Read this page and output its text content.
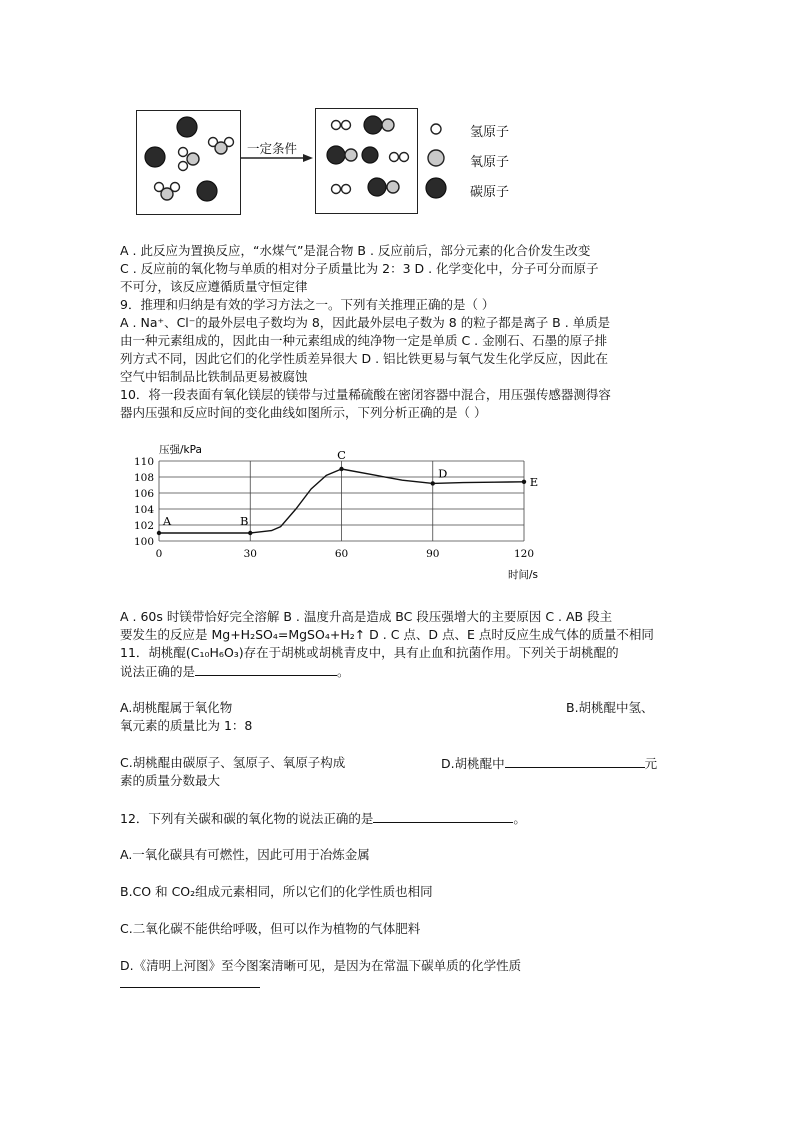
一定条件
氢原子
氧原子
碳原子
A . 此反应为置换反应，“水煤气”是混合物 B . 反应前后，部分元素的化合价发生改变
C . 反应前的氧化物与单质的相对分子质量比为 2：3 D . 化学变化中，分子可分而原子
不可分，该反应遵循质量守恒定律
9．推理和归纳是有效的学习方法之一。下列有关推理正确的是（ ）
A . Na⁺、Cl⁻的最外层电子数均为 8，因此最外层电子数为 8 的粒子都是离子 B . 单质是
由一种元素组成的，因此由一种元素组成的纯净物一定是单质 C . 金刚石、石墨的原子排
列方式不同，因此它们的化学性质差异很大 D . 铝比铁更易与氧气发生化学反应，因此在
空气中铝制品比铁制品更易被腐蚀
10．将一段表面有氧化镁层的镁带与过量稀硫酸在密闭容器中混合，用压强传感器测得容
器内压强和反应时间的变化曲线如图所示，下列分析正确的是（ ）
100
102
104
106
108
110
0	30	60	90	120
压强/kPa
时间/s
A	B
C
D
E
A . 60s 时镁带恰好完全溶解 B . 温度升高是造成 BC 段压强增大的主要原因 C . AB 段主
要发生的反应是 Mg+H₂SO₄=MgSO₄+H₂↑ D . C 点、D 点、E 点时反应生成气体的质量不相同
11．胡桃醌(C₁₀H₆O₃)存在于胡桃或胡桃青皮中，具有止血和抗菌作用。下列关于胡桃醌的
说法正确的是	。
A.胡桃醌属于氧化物	B.胡桃醌中氢、
氧元素的质量比为 1：8
C.胡桃醌由碳原子、氢原子、氧原子构成	D.胡桃醌中	元
素的质量分数最大
12．下列有关碳和碳的氧化物的说法正确的是	。
A.一氧化碳具有可燃性，因此可用于冶炼金属
B.CO 和 CO₂组成元素相同，所以它们的化学性质也相同
C.二氧化碳不能供给呼吸，但可以作为植物的气体肥料
D.《清明上河图》至今图案清晰可见，是因为在常温下碳单质的化学性质
